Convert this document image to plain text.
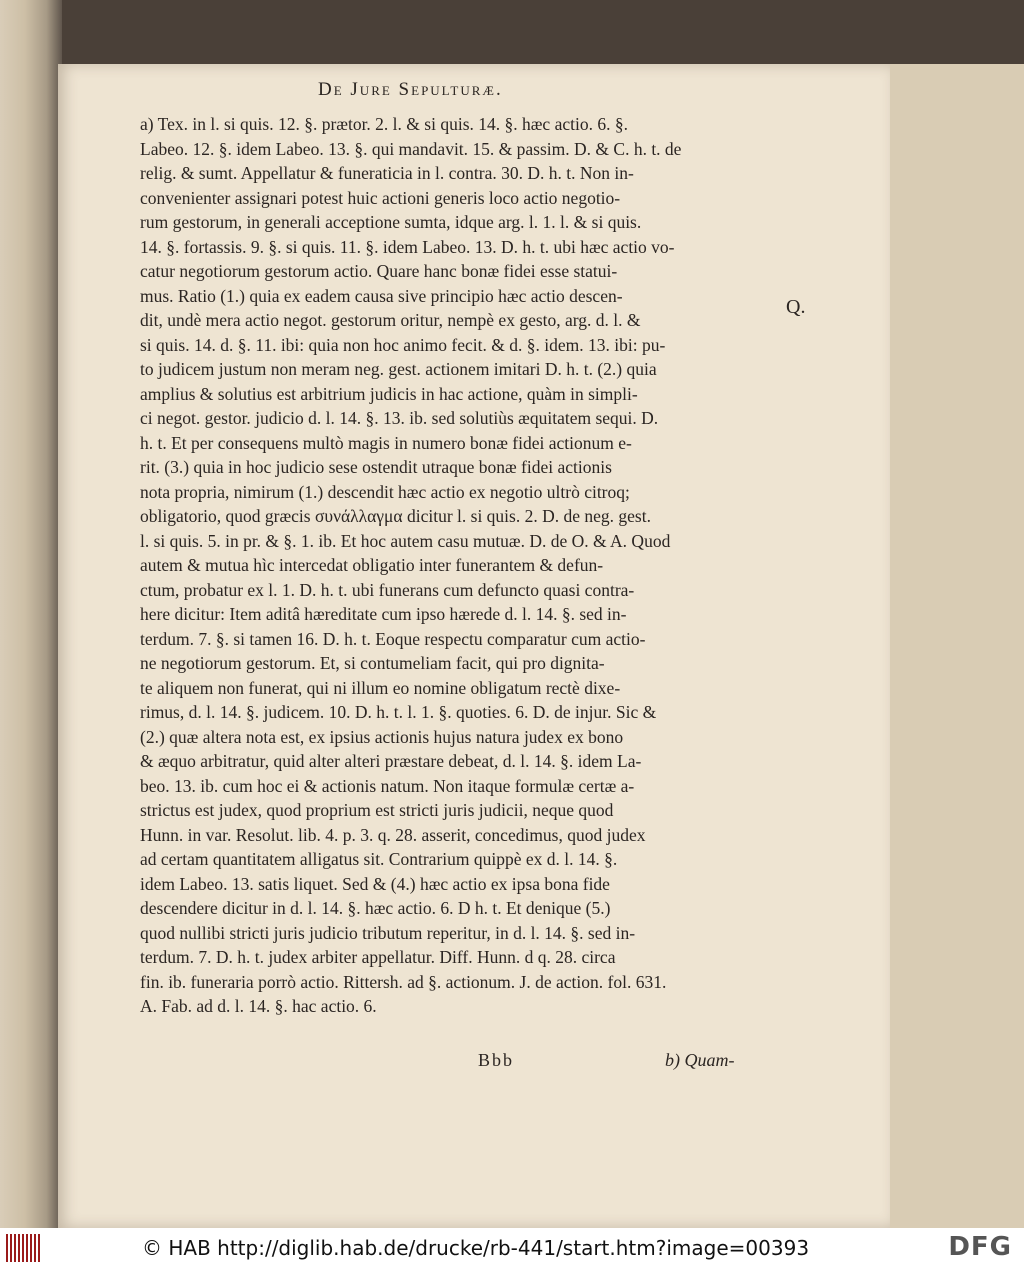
De Jure Sepulturæ.
a) Tex. in l. si quis. 12. §. prætor. 2. l. & si quis. 14. §. hæc actio. 6. §.
Labeo. 12. §. idem Labeo. 13. §. qui mandavit. 15. & passim. D. & C. h. t. de
relig. & sumt. Appellatur & funeraticia in l. contra. 30. D. h. t. Non in-
convenienter assignari potest huic actioni generis loco actio negotio-
rum gestorum, in generali acceptione sumta, idque arg. l. 1. l. & si quis.
14. §. fortassis. 9. §. si quis. 11. §. idem Labeo. 13. D. h. t. ubi hæc actio vo-
catur negotiorum gestorum actio. Quare hanc bonæ fidei esse statui-
mus. Ratio (1.) quia ex eadem causa sive principio hæc actio descen-
dit, undè mera actio negot. gestorum oritur, nempè ex gesto, arg. d. l. &
si quis. 14. d. §. 11. ibi: quia non hoc animo fecit. & d. §. idem. 13. ibi: pu-
to judicem justum non meram neg. gest. actionem imitari D. h. t. (2.) quia
amplius & solutius est arbitrium judicis in hac actione, quàm in simpli-
ci negot. gestor. judicio d. l. 14. §. 13. ib. sed solutiùs æquitatem sequi. D.
h. t. Et per consequens multò magis in numero bonæ fidei actionum e-
rit. (3.) quia in hoc judicio sese ostendit utraque bonæ fidei actionis
nota propria, nimirum (1.) descendit hæc actio ex negotio ultrò citroq;
obligatorio, quod græcis συνάλλαγμα dicitur l. si quis. 2. D. de neg. gest.
l. si quis. 5. in pr. & §. 1. ib. Et hoc autem casu mutuæ. D. de O. & A. Quod
autem & mutua hìc intercedat obligatio inter funerantem & defun-
ctum, probatur ex l. 1. D. h. t. ubi funerans cum defuncto quasi contra-
here dicitur: Item aditâ hæreditate cum ipso hærede d. l. 14. §. sed in-
terdum. 7. §. si tamen 16. D. h. t. Eoque respectu comparatur cum actio-
ne negotiorum gestorum. Et, si contumeliam facit, qui pro dignita-
te aliquem non funerat, qui ni illum eo nomine obligatum rectè dixe-
rimus, d. l. 14. §. judicem. 10. D. h. t. l. 1. §. quoties. 6. D. de injur. Sic &
(2.) quæ altera nota est, ex ipsius actionis hujus natura judex ex bono
& æquo arbitratur, quid alter alteri præstare debeat, d. l. 14. §. idem La-
beo. 13. ib. cum hoc ei & actionis natum. Non itaque formulæ certæ a-
strictus est judex, quod proprium est stricti juris judicii, neque quod
Hunn. in var. Resolut. lib. 4. p. 3. q. 28. asserit, concedimus, quod judex
ad certam quantitatem alligatus sit. Contrarium quippè ex d. l. 14. §.
idem Labeo. 13. satis liquet. Sed & (4.) hæc actio ex ipsa bona fide
descendere dicitur in d. l. 14. §. hæc actio. 6. D h. t. Et denique (5.)
quod nullibi stricti juris judicio tributum reperitur, in d. l. 14. §. sed in-
terdum. 7. D. h. t. judex arbiter appellatur. Diff. Hunn. d q. 28. circa
fin. ib. funeraria porrò actio. Rittersh. ad §. actionum. J. de action. fol. 631.
A. Fab. ad d. l. 14. §. hac actio. 6.
Q.
Bbb	b) Quam-
© HAB http://diglib.hab.de/drucke/rb-441/start.htm?image=00393	DFG
